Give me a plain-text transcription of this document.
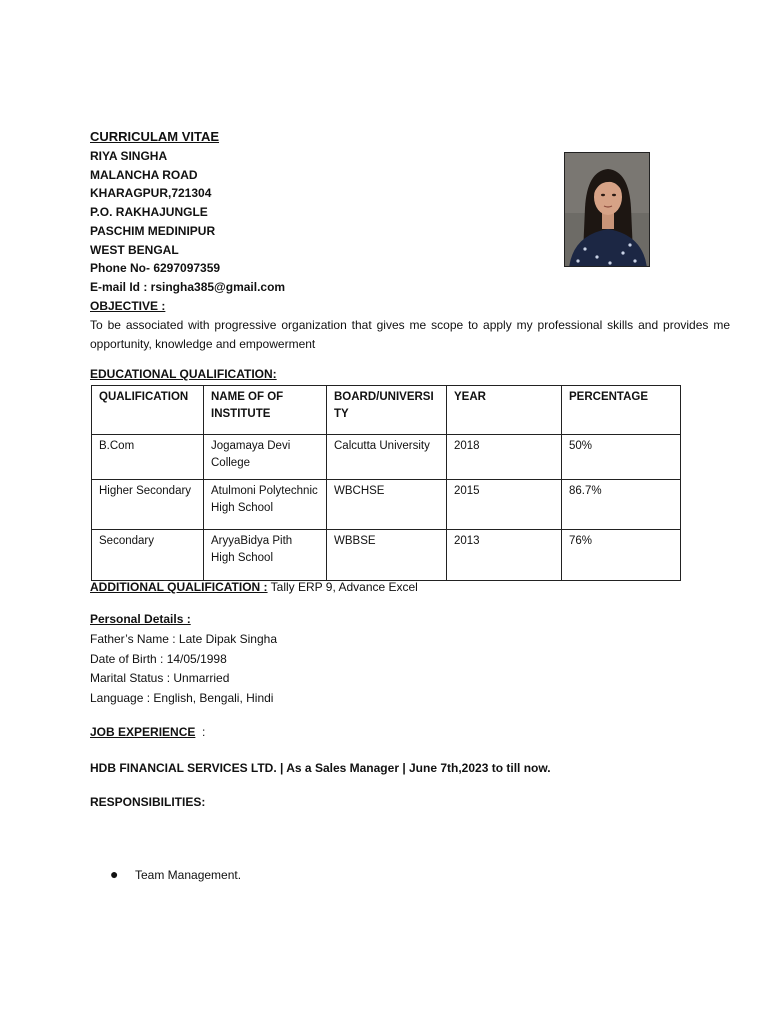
CURRICULAM VITAE
RIYA SINGHA
MALANCHA ROAD
KHARAGPUR,721304
P.O. RAKHAJUNGLE
PASCHIM MEDINIPUR
WEST BENGAL
Phone No- 6297097359
E-mail Id : rsingha385@gmail.com
OBJECTIVE :
To be associated with progressive organization that gives me scope to apply my professional skills and provides me opportunity, knowledge and empowerment
EDUCATIONAL QUALIFICATION:
QUALIFICATION	NAME OF OF INSTITUTE	BOARD/UNIVERSITY	YEAR	PERCENTAGE
B.Com	Jogamaya Devi College	Calcutta University	2018	50%
Higher Secondary	Atulmoni Polytechnic High School	WBCHSE	2015	86.7%
Secondary	AryyaBidya Pith High School	WBBSE	2013	76%
ADDITIONAL QUALIFICATION : Tally ERP 9, Advance Excel
Personal Details :
Father’s Name : Late Dipak Singha
Date of Birth : 14/05/1998
Marital Status : Unmarried
Language : English, Bengali, Hindi
JOB EXPERIENCE  :
HDB FINANCIAL SERVICES LTD. | As a Sales Manager | June 7th,2023 to till now.
RESPONSIBILITIES:
● Team Management.
